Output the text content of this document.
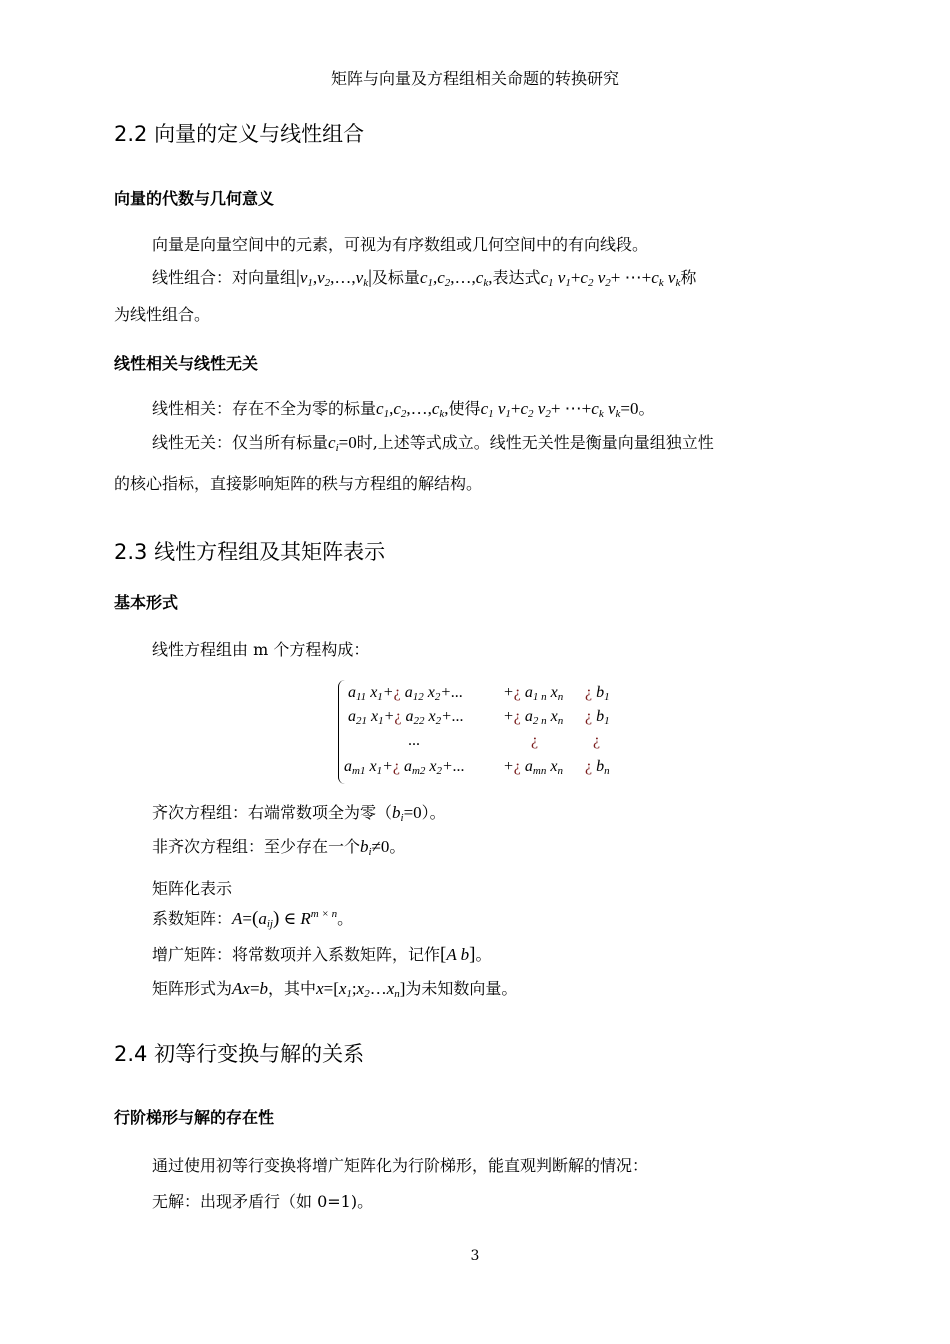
矩阵与向量及方程组相关命题的转换研究
2.2 向量的定义与线性组合
向量的代数与几何意义
向量是向量空间中的元素，可视为有序数组或几何空间中的有向线段。
线性组合：对向量组$|v_1,v_2,\dots,v_k|$及标量$c_1,c_2,\dots,c_k$,表达式$c_1$ $v_1+c_2$ $v_2+$ $\cdots+c_k$ $v_k$称
为线性组合。
线性相关与线性无关
线性相关：存在不全为零的标量$c_1,c_2,\dots,c_k$,使得$c_1$ $v_1+c_2$ $v_2+$ $\cdots+c_k$ $v_k=0$。
线性无关：仅当所有标量$c_i=0$时,上述等式成立。线性无关性是衡量向量组独立性
的核心指标，直接影响矩阵的秩与方程组的解结构。
2.3 线性方程组及其矩阵表示
基本形式
线性方程组由 m 个方程构成：
$a_{11}$ $x_1+¿$ $a_{12}$ $x_2+$... +¿ $a_{1 n}$ $x_n$ ¿ $b_1$
$a_{21}$ $x_1+¿$ $a_{22}$ $x_2+$... +¿ $a_{2 n}$ $x_n$ ¿ $b_1$
...	¿	¿
$a_{m1}$ $x_1+¿$ $a_{m2}$ $x_2+$... +¿ $a_{mn}$ $x_n$ ¿ $b_n$
齐次方程组：右端常数项全为零$(b_i=0)$。
非齐次方程组：至少存在一个$b_i\ne 0$。
矩阵化表示
系数矩阵：$A=(a_{ij})$ ∈ $R^{m \times n}$。
增广矩阵：将常数项并入系数矩阵，记作[A b]。
矩阵形式为Ax=b，其中$x=[x_1;x_2\dots x_n]$为未知数向量。
2.4 初等行变换与解的关系
行阶梯形与解的存在性
通过使用初等行变换将增广矩阵化为行阶梯形，能直观判断解的情况：
无解：出现矛盾行（如 0=1)。
3
